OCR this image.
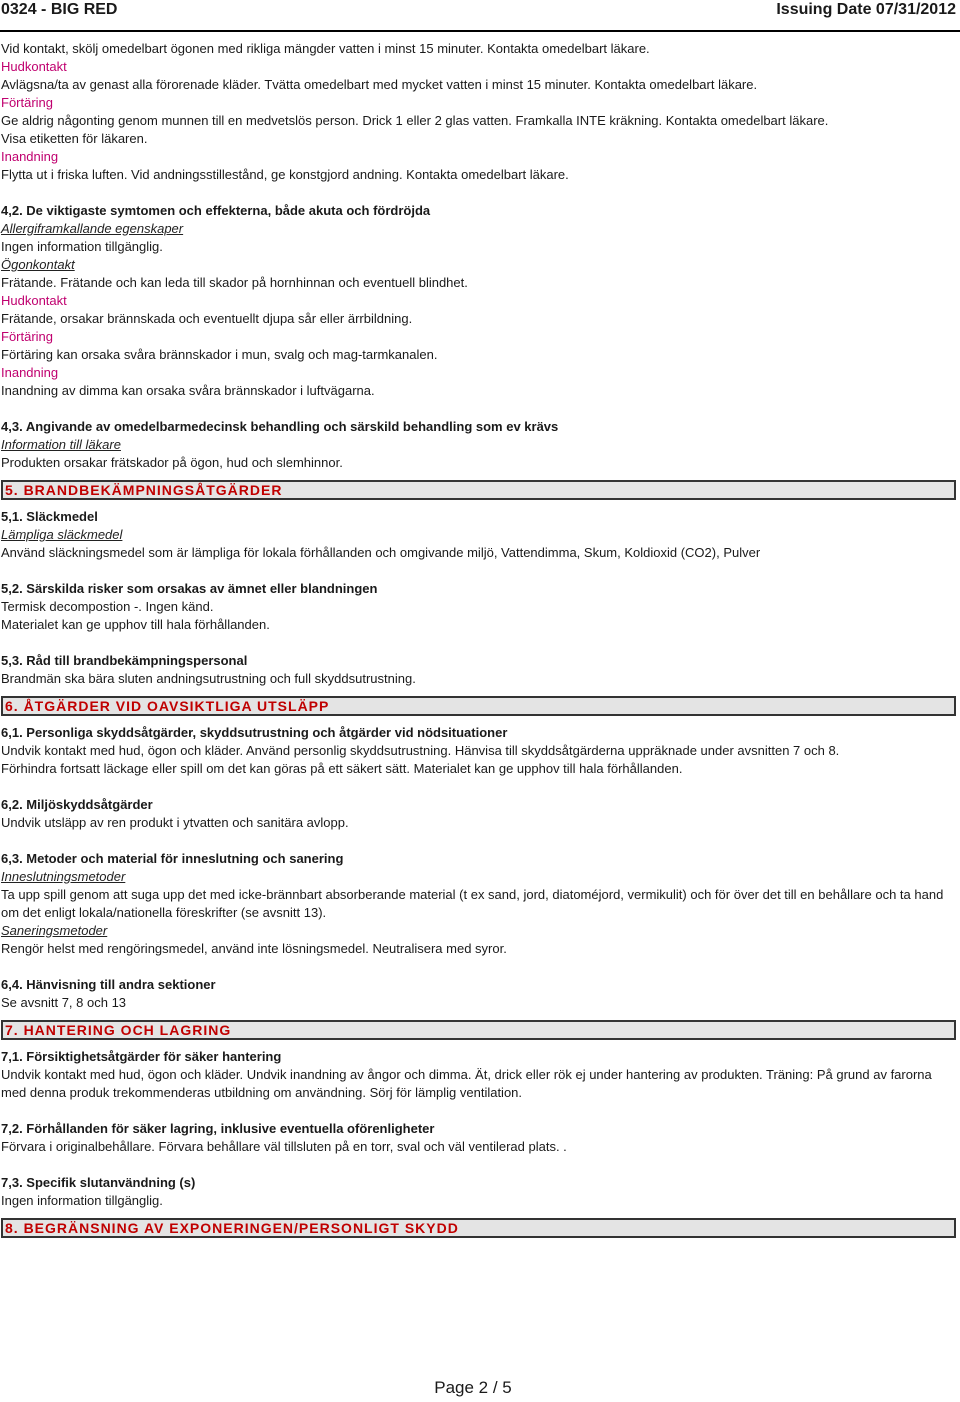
0324 - BIG RED	Issuing Date 07/31/2012
Vid kontakt, skölj omedelbart ögonen med rikliga mängder vatten i minst 15 minuter. Kontakta omedelbart läkare.
Hudkontakt
Avlägsna/ta av genast alla förorenade kläder. Tvätta omedelbart med mycket vatten i minst 15 minuter. Kontakta omedelbart läkare.
Förtäring
Ge aldrig någonting genom munnen till en medvetslös person. Drick 1 eller 2 glas vatten. Framkalla INTE kräkning. Kontakta omedelbart läkare.
Visa etiketten för läkaren.
Inandning
Flytta ut i friska luften. Vid andningsstillestånd, ge konstgjord andning. Kontakta omedelbart läkare.
4,2. De viktigaste symtomen och effekterna, både akuta och fördröjda
Allergiframkallande egenskaper
Ingen information tillgänglig.
Ögonkontakt
Frätande. Frätande och kan leda till skador på hornhinnan och eventuell blindhet.
Hudkontakt
Frätande, orsakar brännskada och eventuellt djupa sår eller ärrbildning.
Förtäring
Förtäring kan orsaka svåra brännskador i mun, svalg och mag-tarmkanalen.
Inandning
Inandning av dimma kan orsaka svåra brännskador i luftvägarna.
4,3. Angivande av omedelbarmedecinsk behandling och särskild behandling som ev krävs
Information till läkare
Produkten orsakar frätskador på ögon, hud och slemhinnor.
5. BRANDBEKÄMPNINGSÅTGÄRDER
5,1. Släckmedel
Lämpliga släckmedel
Använd släckningsmedel som är lämpliga för lokala förhållanden och omgivande miljö, Vattendimma, Skum, Koldioxid (CO2), Pulver
5,2. Särskilda risker som orsakas av ämnet eller blandningen
Termisk decompostion -. Ingen känd.
Materialet kan ge upphov till hala förhållanden.
5,3. Råd till brandbekämpningspersonal
Brandmän ska bära sluten andningsutrustning och full skyddsutrustning.
6. ÅTGÄRDER VID OAVSIKTLIGA UTSLÄPP
6,1. Personliga skyddsåtgärder, skyddsutrustning och åtgärder vid nödsituationer
Undvik kontakt med hud, ögon och kläder. Använd personlig skyddsutrustning. Hänvisa till skyddsåtgärderna uppräknade under avsnitten 7 och 8.
Förhindra fortsatt läckage eller spill om det kan göras på ett säkert sätt. Materialet kan ge upphov till hala förhållanden.
6,2. Miljöskyddsåtgärder
Undvik utsläpp av ren produkt i ytvatten och sanitära avlopp.
6,3. Metoder och material för inneslutning och sanering
Inneslutningsmetoder
Ta upp spill genom att suga upp det med icke-brännbart absorberande material (t ex sand, jord, diatoméjord, vermikulit) och för över det till en behållare och ta hand om det enligt lokala/nationella föreskrifter (se avsnitt 13).
Saneringsmetoder
Rengör helst med rengöringsmedel, använd inte lösningsmedel. Neutralisera med syror.
6,4. Hänvisning till andra sektioner
Se avsnitt 7, 8 och 13
7. HANTERING OCH LAGRING
7,1. Försiktighetsåtgärder för säker hantering
Undvik kontakt med hud, ögon och kläder. Undvik inandning av ångor och dimma. Ät, drick eller rök ej under hantering av produkten. Träning: På grund av farorna med denna produk trekommenderas utbildning om användning. Sörj för lämplig ventilation.
7,2. Förhållanden för säker lagring, inklusive eventuella oförenligheter
Förvara i originalbehållare. Förvara behållare väl tillsluten på en torr, sval och väl ventilerad plats. .
7,3. Specifik slutanvändning (s)
Ingen information tillgänglig.
8. BEGRÄNSNING AV EXPONERINGEN/PERSONLIGT SKYDD
Page 2 / 5
